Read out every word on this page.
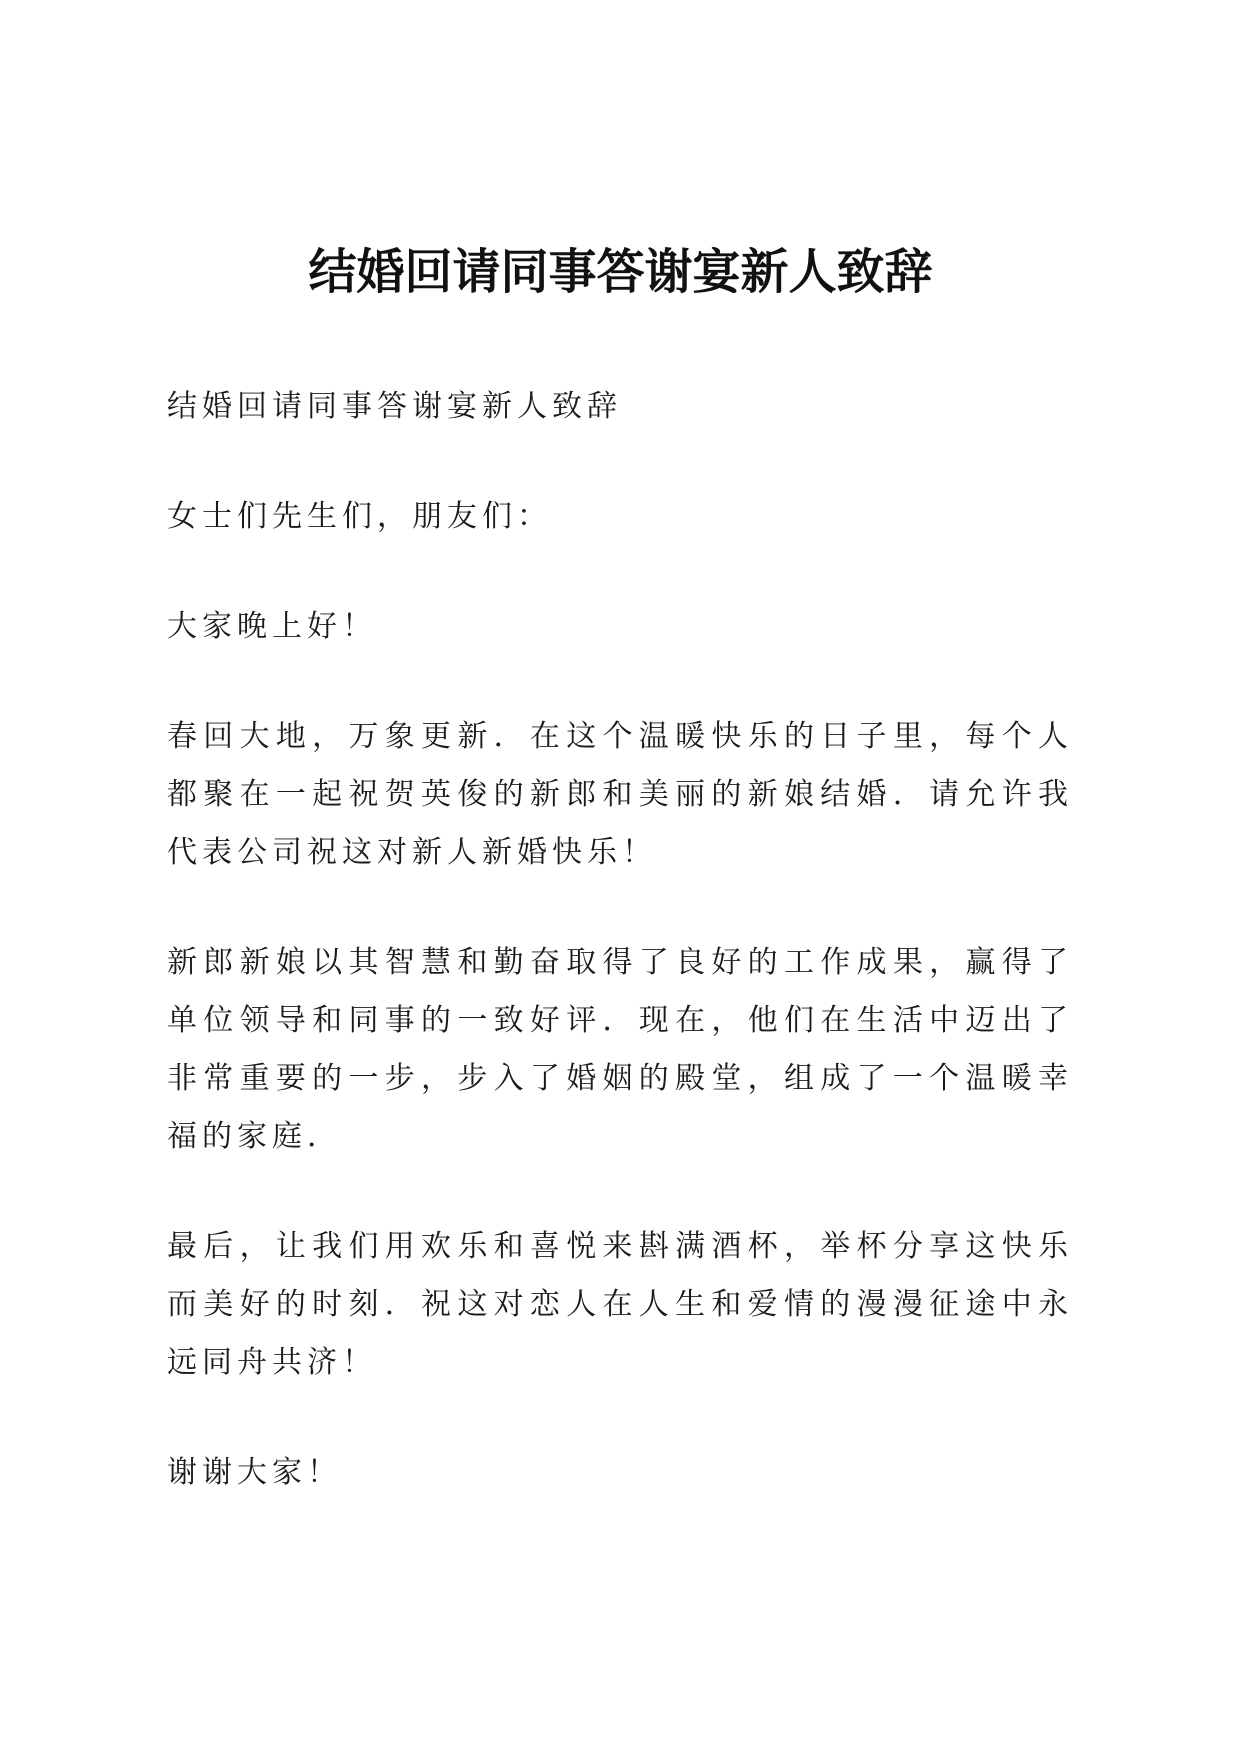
结婚回请同事答谢宴新人致辞

结婚回请同事答谢宴新人致辞

女士们先生们，朋友们：

大家晚上好！

春回大地，万象更新．在这个温暖快乐的日子里，每个人都聚在一起祝贺英俊的新郎和美丽的新娘结婚．请允许我代表公司祝这对新人新婚快乐！

新郎新娘以其智慧和勤奋取得了良好的工作成果，赢得了单位领导和同事的一致好评．现在，他们在生活中迈出了非常重要的一步，步入了婚姻的殿堂，组成了一个温暖幸福的家庭．

最后，让我们用欢乐和喜悦来斟满酒杯，举杯分享这快乐而美好的时刻．祝这对恋人在人生和爱情的漫漫征途中永远同舟共济！

谢谢大家！
